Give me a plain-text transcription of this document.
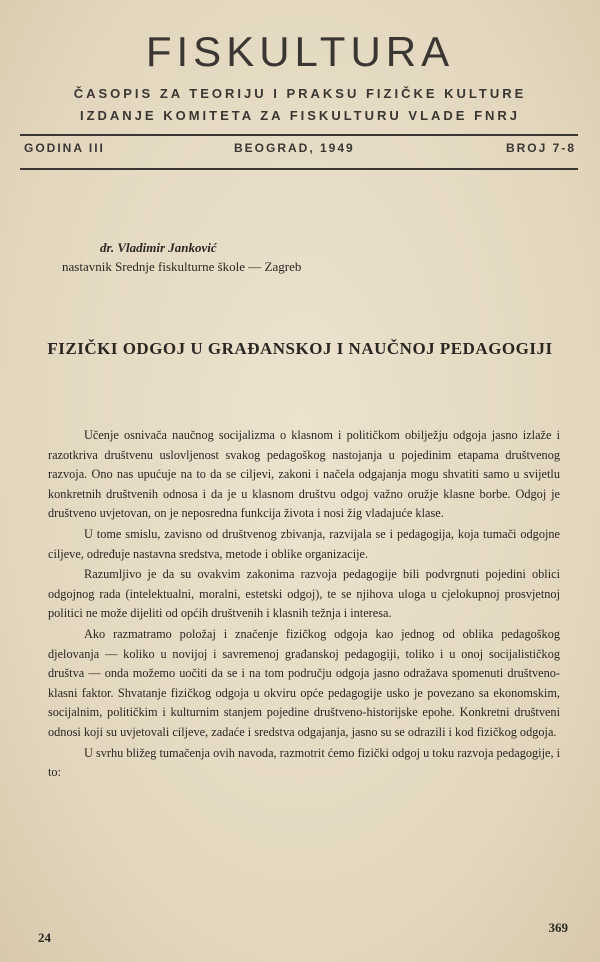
FISKULTURA
ČASOPIS ZA TEORIJU I PRAKSU FIZIČKE KULTURE
IZDANJE KOMITETA ZA FISKULTURU VLADE FNRJ
GODINA III	BEOGRAD, 1949	BROJ 7-8
dr. Vladimir Janković
nastavnik Srednje fiskulturne škole — Zagreb
FIZIČKI ODGOJ U GRAĐANSKOJ I NAUČNOJ PEDAGOGIJI

Učenje osnivača naučnog socijalizma o klasnom i političkom obilježju odgoja jasno izlaže i razotkriva društvenu uslovljenost svakog pedagoškog nastojanja u pojedinim etapama društvenog razvoja. Ono nas upućuje na to da se ciljevi, zakoni i načela odgajanja mogu shvatiti samo u svijetlu konkretnih društvenih odnosa i da je u klasnom društvu odgoj važno oružje klasne borbe. Odgoj je društveno uvjetovan, on je neposredna funkcija života i nosi žig vladajuće klase.

U tome smislu, zavisno od društvenog zbivanja, razvijala se i pedagogija, koja tumači odgojne ciljeve, određuje nastavna sredstva, metode i oblike organizacije.

Razumljivo je da su ovakvim zakonima razvoja pedagogije bili podvrgnuti pojedini oblici odgojnog rada (intelektualni, moralni, estetski odgoj), te se njihova uloga u cjelokupnoj prosvjetnoj politici ne može dijeliti od općih društvenih i klasnih težnja i interesa.

Ako razmatramo položaj i značenje fizičkog odgoja kao jednog od oblika pedagoškog djelovanja — koliko u novijoj i savremenoj građanskoj pedagogiji, toliko i u onoj socijalističkog društva — onda možemo uočiti da se i na tom području odgoja jasno odražava spomenuti društveno-klasni faktor. Shvatanje fizičkog odgoja u okviru opće pedagogije usko je povezano sa ekonomskim, socijalnim, političkim i kulturnim stanjem pojedine društveno-historijske epohe. Konkretni društveni odnosi koji su uvjetovali ciljeve, zadaće i sredstva odgajanja, jasno su se odrazili i kod fizičkog odgoja.

U svrhu bližeg tumačenja ovih navoda, razmotrit ćemo fizički odgoj u toku razvoja pedagogije, i to:

24
369
